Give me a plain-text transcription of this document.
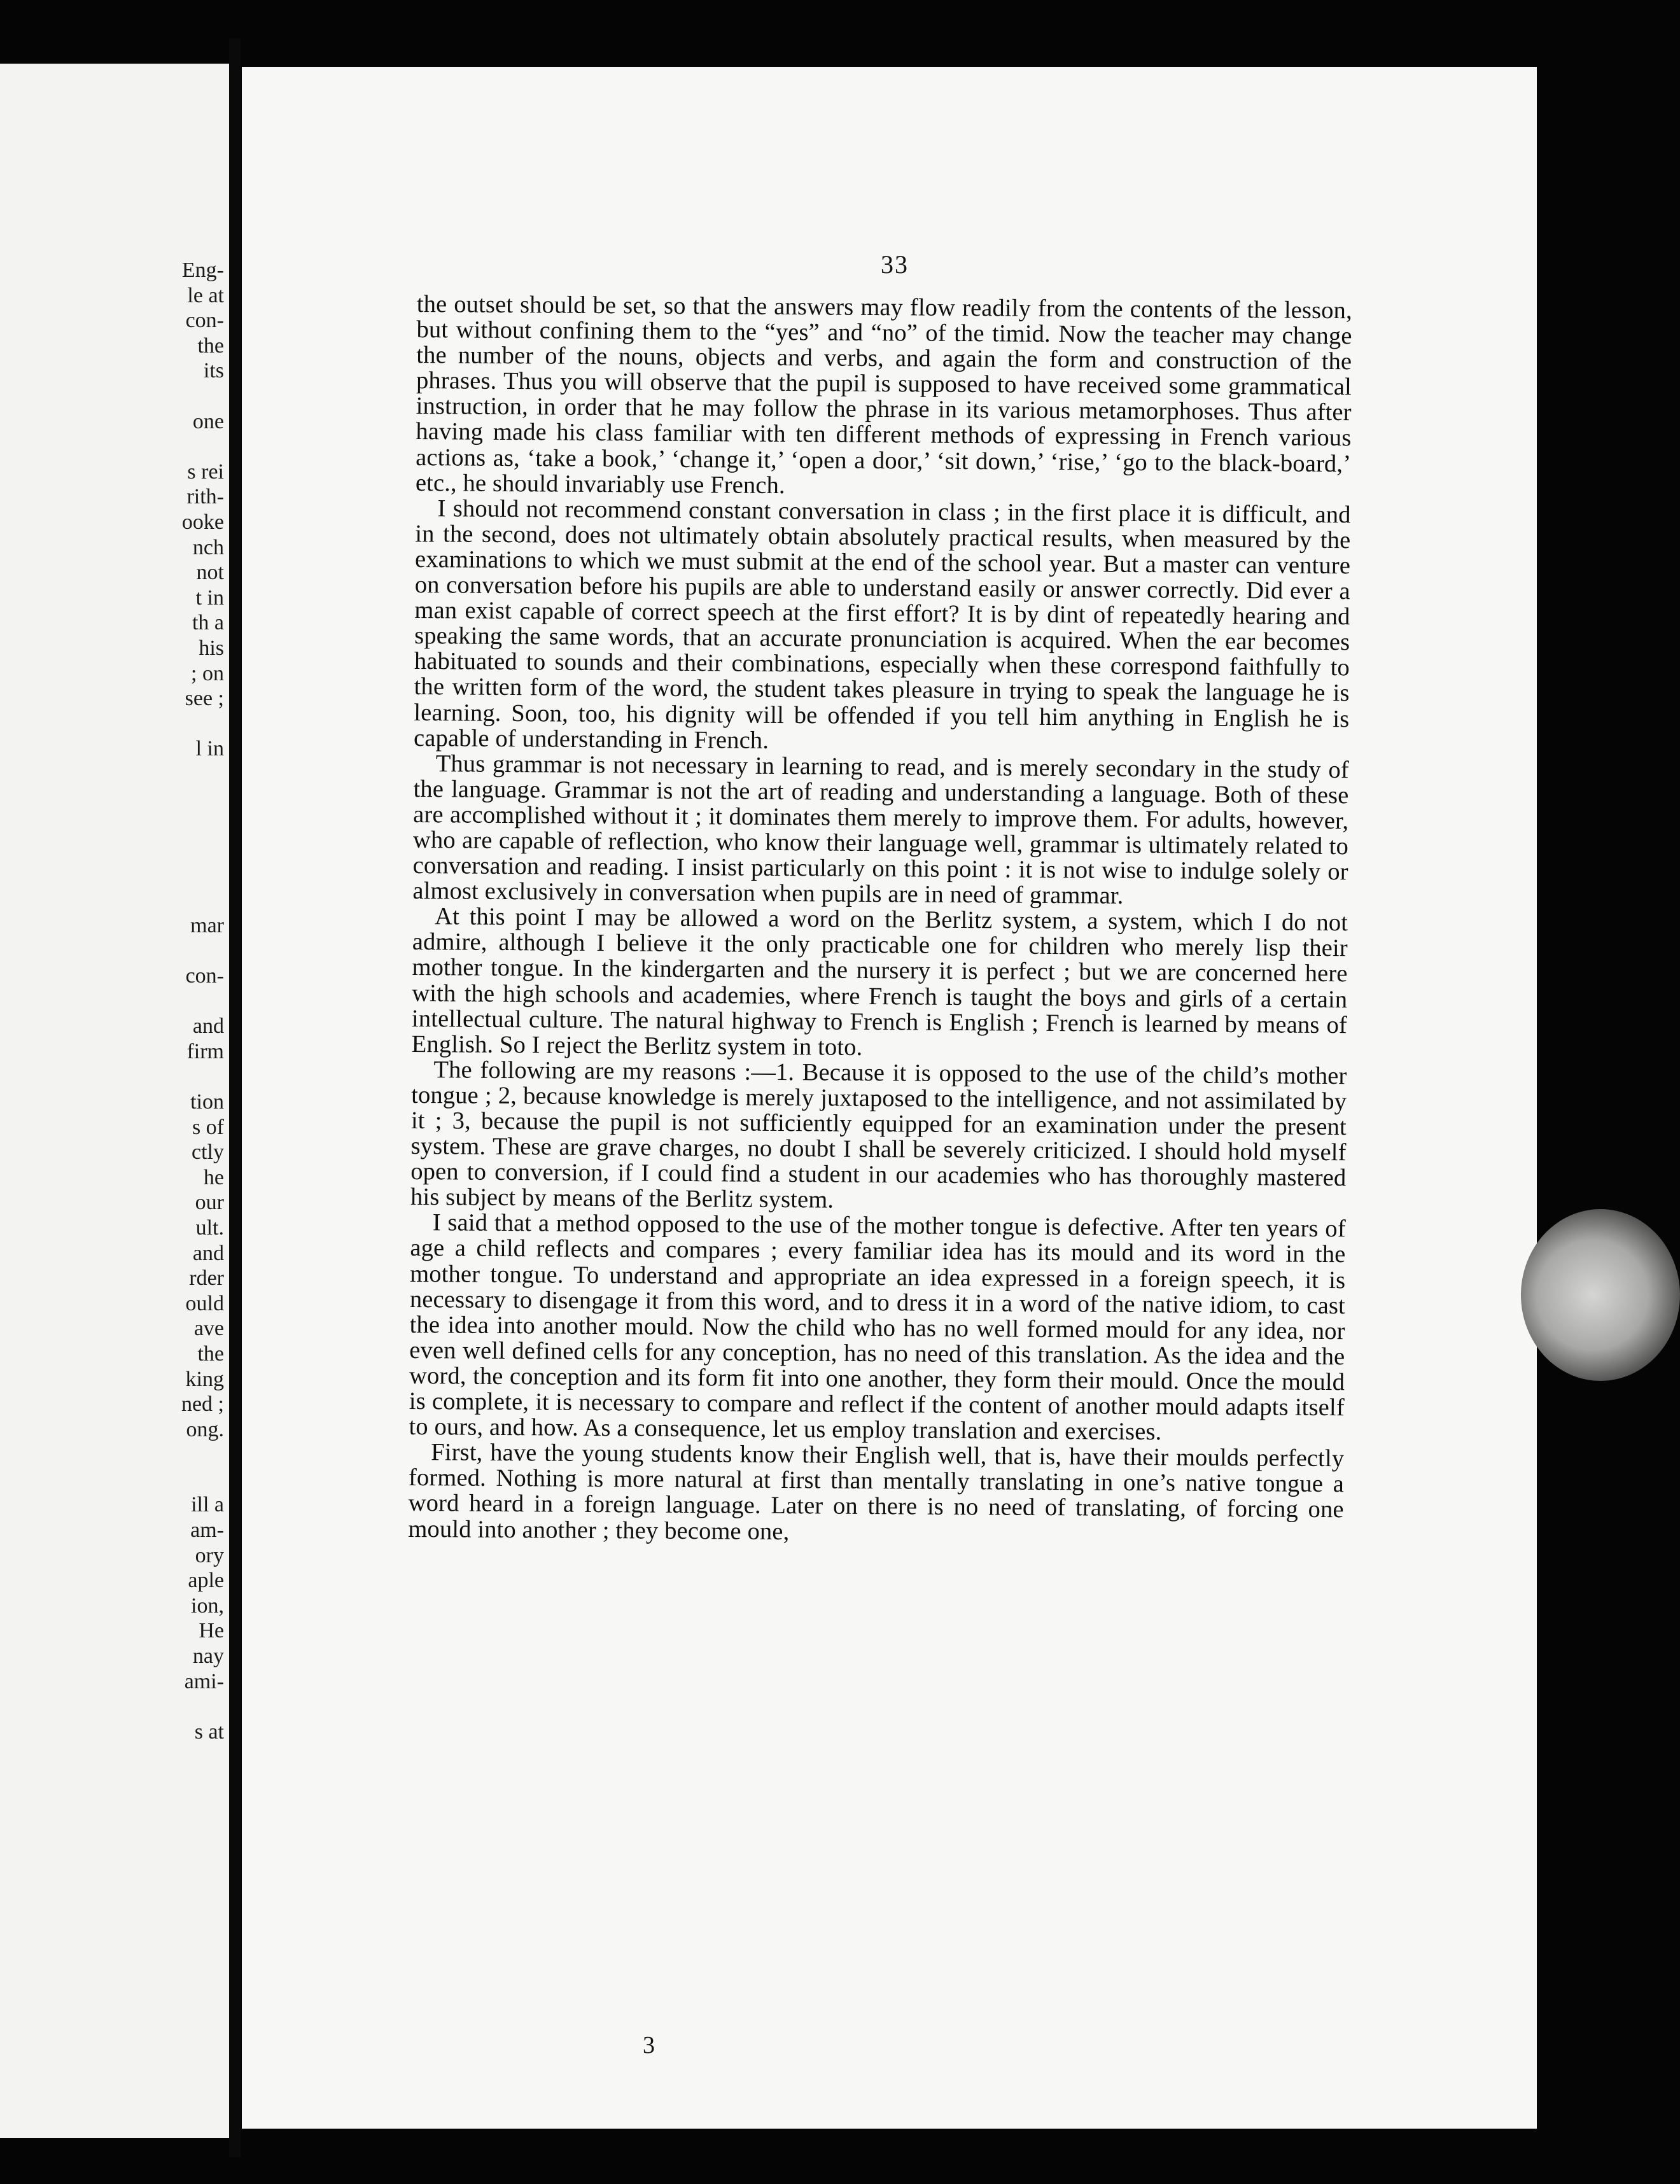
Eng-
le at
con-
the
its
one
s rei
rith-
ooke
nch
not
t in
th a
his
; on
see ;
l in
mar
con-
and
firm
tion
s of
ctly
he
our
ult.
and
rder
ould
ave
the
king
ned ;
ong.
ill a
am-
ory
aple
ion,
He
nay
ami-
s at
33

the outset should be set, so that the answers may flow readily from the contents of the lesson, but without confining them to the “yes” and “no” of the timid. Now the teacher may change the number of the nouns, objects and verbs, and again the form and construction of the phrases. Thus you will observe that the pupil is supposed to have received some grammatical instruction, in order that he may follow the phrase in its various metamorphoses. Thus after having made his class familiar with ten different methods of expressing in French various actions as, ‘take a book,’ ‘change it,’ ‘open a door,’ ‘sit down,’ ‘rise,’ ‘go to the black-board,’ etc., he should invariably use French.

I should not recommend constant conversation in class ; in the first place it is difficult, and in the second, does not ultimately obtain absolutely practical results, when measured by the examinations to which we must submit at the end of the school year. But a master can venture on conversation before his pupils are able to understand easily or answer correctly. Did ever a man exist capable of correct speech at the first effort? It is by dint of repeatedly hearing and speaking the same words, that an accurate pronunciation is acquired. When the ear becomes habituated to sounds and their combinations, especially when these correspond faithfully to the written form of the word, the student takes pleasure in trying to speak the language he is learning. Soon, too, his dignity will be offended if you tell him anything in English he is capable of understanding in French.

Thus grammar is not necessary in learning to read, and is merely secondary in the study of the language. Grammar is not the art of reading and understanding a language. Both of these are accomplished without it ; it dominates them merely to improve them. For adults, however, who are capable of reflection, who know their language well, grammar is ultimately related to conversation and reading. I insist particularly on this point : it is not wise to indulge solely or almost exclusively in conversation when pupils are in need of grammar.

At this point I may be allowed a word on the Berlitz system, a system, which I do not admire, although I believe it the only practicable one for children who merely lisp their mother tongue. In the kindergarten and the nursery it is perfect ; but we are concerned here with the high schools and academies, where French is taught the boys and girls of a certain intellectual culture. The natural highway to French is English ; French is learned by means of English. So I reject the Berlitz system in toto.

The following are my reasons :—1. Because it is opposed to the use of the child’s mother tongue ; 2, because knowledge is merely juxtaposed to the intelligence, and not assimilated by it ; 3, because the pupil is not sufficiently equipped for an examination under the present system. These are grave charges, no doubt I shall be severely criticized. I should hold myself open to conversion, if I could find a student in our academies who has thoroughly mastered his subject by means of the Berlitz system.

I said that a method opposed to the use of the mother tongue is defective. After ten years of age a child reflects and compares ; every familiar idea has its mould and its word in the mother tongue. To understand and appropriate an idea expressed in a foreign speech, it is necessary to disengage it from this word, and to dress it in a word of the native idiom, to cast the idea into another mould. Now the child who has no well formed mould for any idea, nor even well defined cells for any conception, has no need of this translation. As the idea and the word, the conception and its form fit into one another, they form their mould. Once the mould is complete, it is necessary to compare and reflect if the content of another mould adapts itself to ours, and how. As a consequence, let us employ translation and exercises.

First, have the young students know their English well, that is, have their moulds perfectly formed. Nothing is more natural at first than mentally translating in one’s native tongue a word heard in a foreign language. Later on there is no need of translating, of forcing one mould into another ; they become one,

3
